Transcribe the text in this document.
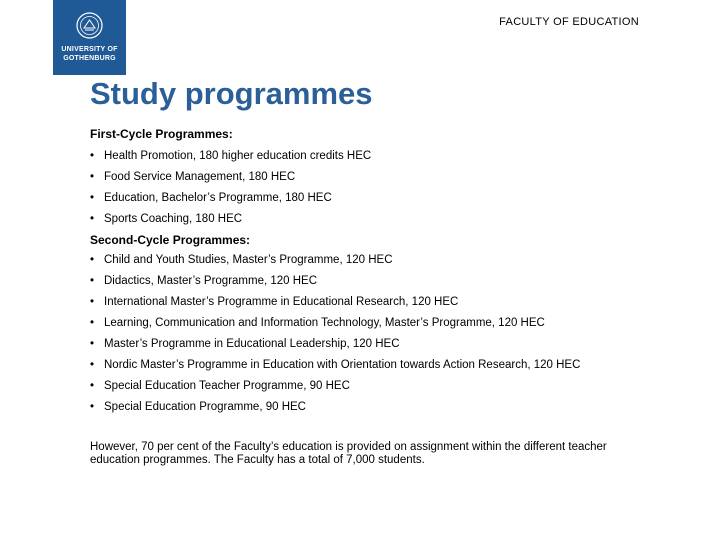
UNIVERSITY OF
GOTHENBURG
FACULTY OF EDUCATION
Study programmes
First-Cycle Programmes:
• Health Promotion, 180 higher education credits HEC
• Food Service Management, 180 HEC
• Education, Bachelor’s Programme, 180 HEC
• Sports Coaching, 180 HEC
Second-Cycle Programmes:
• Child and Youth Studies, Master’s Programme, 120 HEC
• Didactics, Master’s Programme, 120 HEC
• International Master’s Programme in Educational Research, 120 HEC
• Learning, Communication and Information Technology, Master’s Programme, 120 HEC
• Master’s Programme in Educational Leadership, 120 HEC
• Nordic Master’s Programme in Education with Orientation towards Action Research, 120 HEC
• Special Education Teacher Programme, 90 HEC
• Special Education Programme, 90 HEC
However, 70 per cent of the Faculty’s education is provided on assignment within the different teacher education programmes. The Faculty has a total of 7,000 students.
